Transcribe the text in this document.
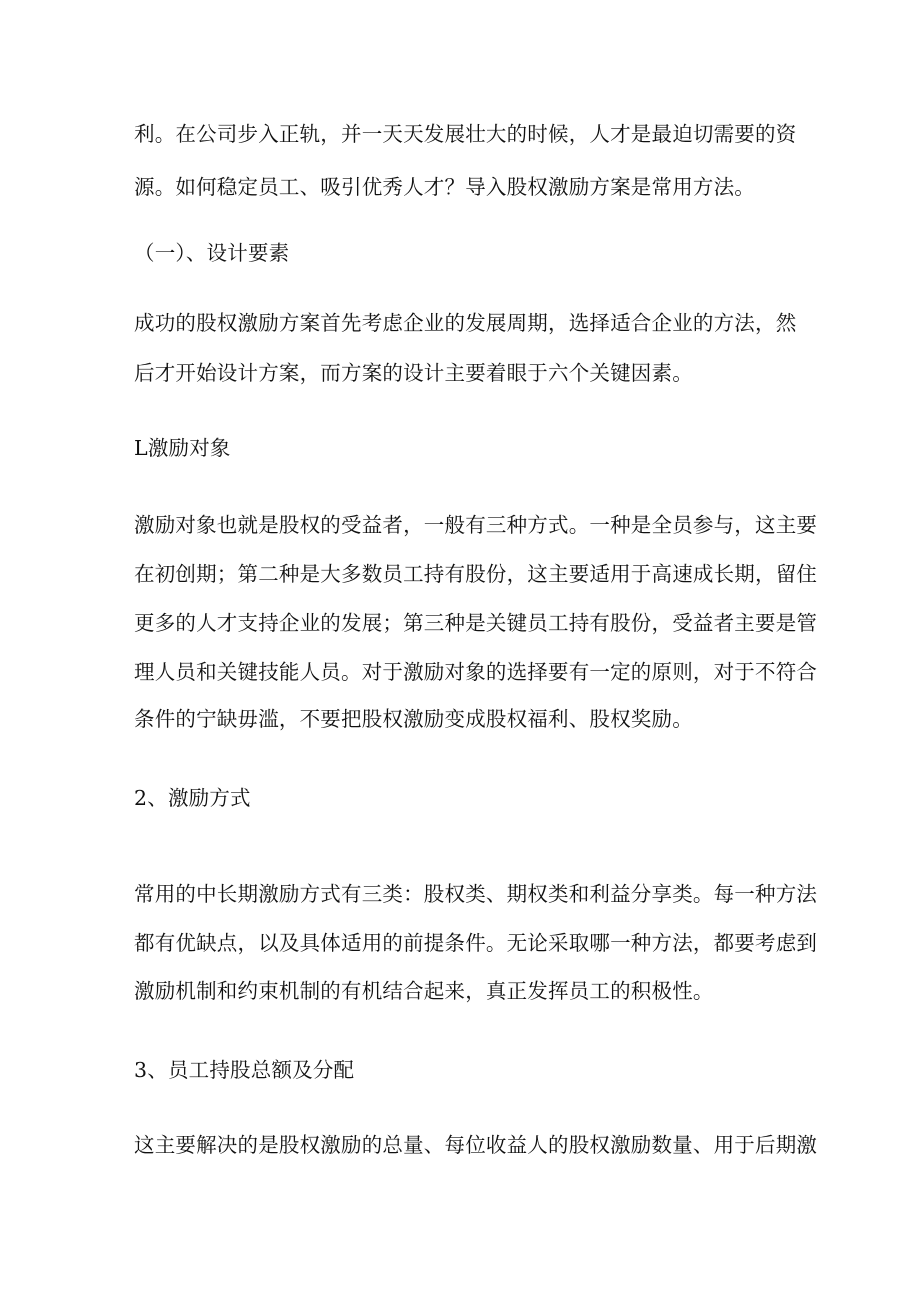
利。在公司步入正轨，并一天天发展壮大的时候，人才是最迫切需要的资
源。如何稳定员工、吸引优秀人才？导入股权激励方案是常用方法。
（一）、设计要素
成功的股权激励方案首先考虑企业的发展周期，选择适合企业的方法，然
后才开始设计方案，而方案的设计主要着眼于六个关键因素。
L激励对象
激励对象也就是股权的受益者，一般有三种方式。一种是全员参与，这主要
在初创期；第二种是大多数员工持有股份，这主要适用于高速成长期，留住
更多的人才支持企业的发展；第三种是关键员工持有股份，受益者主要是管
理人员和关键技能人员。对于激励对象的选择要有一定的原则，对于不符合
条件的宁缺毋滥，不要把股权激励变成股权福利、股权奖励。
2、激励方式
常用的中长期激励方式有三类：股权类、期权类和利益分享类。每一种方法
都有优缺点，以及具体适用的前提条件。无论采取哪一种方法，都要考虑到
激励机制和约束机制的有机结合起来，真正发挥员工的积极性。
3、员工持股总额及分配
这主要解决的是股权激励的总量、每位收益人的股权激励数量、用于后期激
